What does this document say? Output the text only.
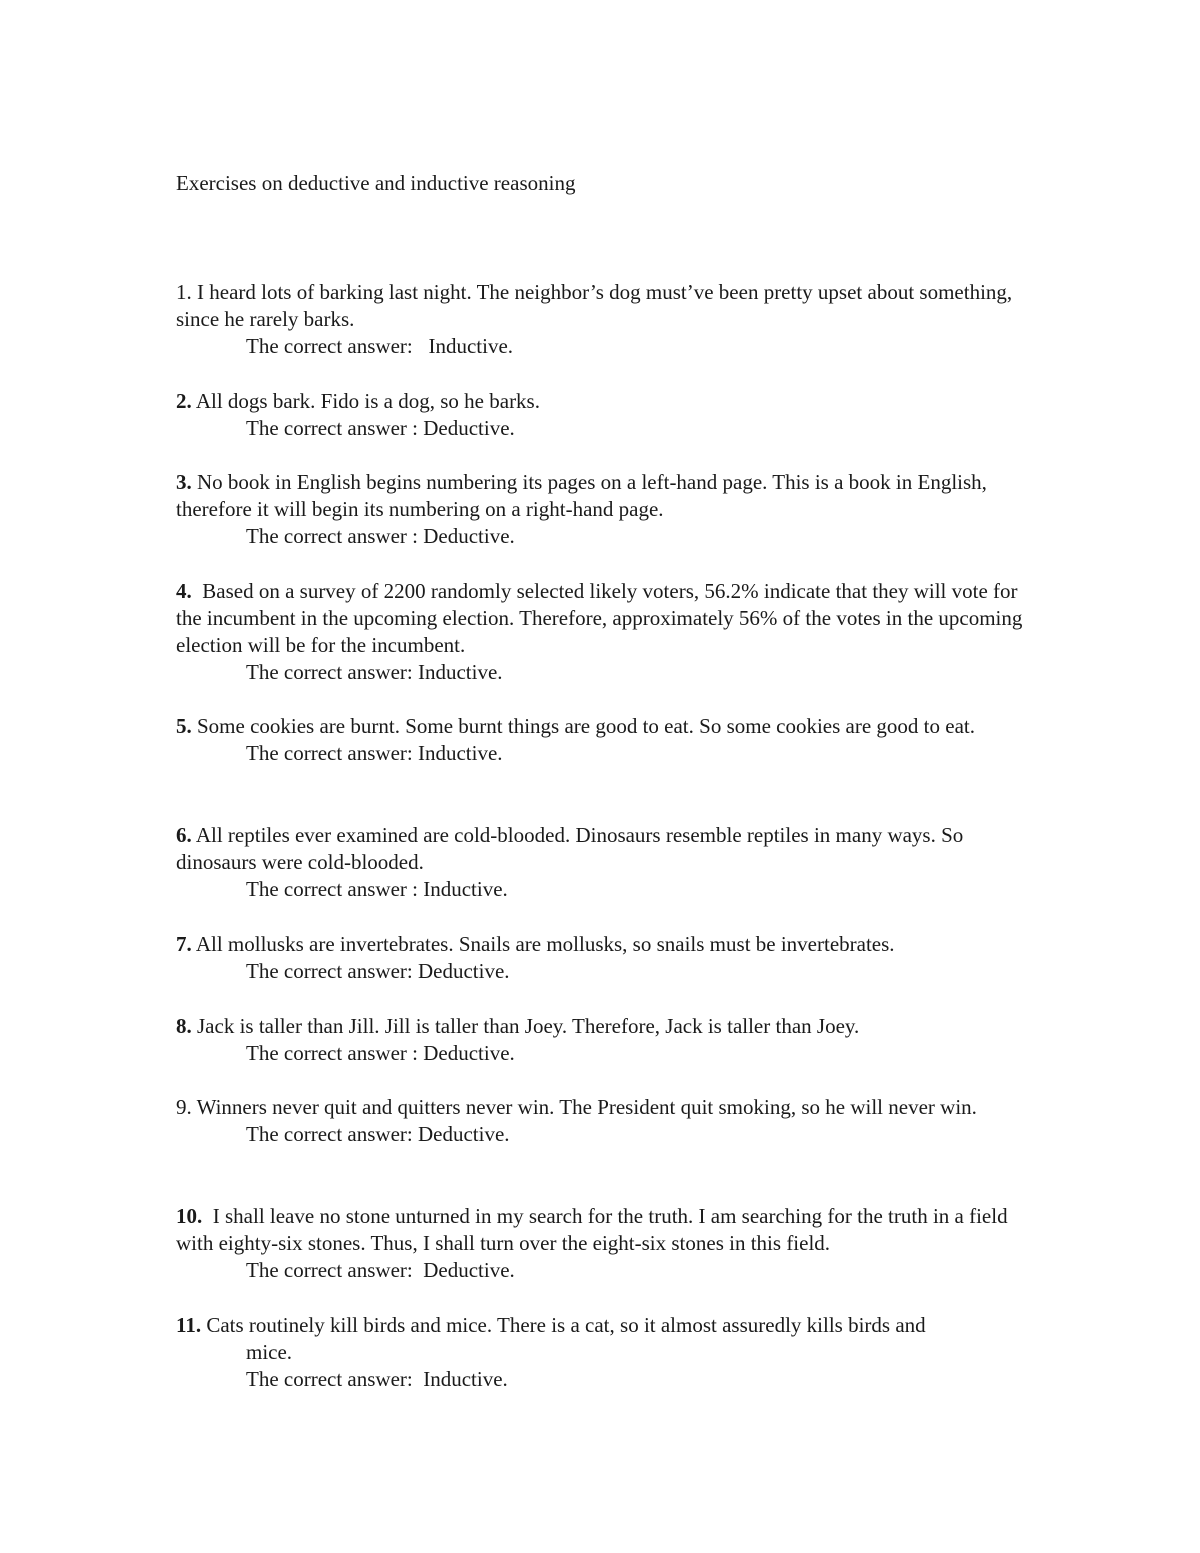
Exercises on deductive and inductive reasoning

1. I heard lots of barking last night. The neighbor’s dog must’ve been pretty upset about something, since he rarely barks.

The correct answer:   Inductive.

2. All dogs bark. Fido is a dog, so he barks.

The correct answer : Deductive.

3. No book in English begins numbering its pages on a left-hand page. This is a book in English, therefore it will begin its numbering on a right-hand page.

The correct answer : Deductive.

4.  Based on a survey of 2200 randomly selected likely voters, 56.2% indicate that they will vote for the incumbent in the upcoming election. Therefore, approximately 56% of the votes in the upcoming election will be for the incumbent.

The correct answer: Inductive.

5. Some cookies are burnt. Some burnt things are good to eat. So some cookies are good to eat.

The correct answer: Inductive.

6. All reptiles ever examined are cold-blooded. Dinosaurs resemble reptiles in many ways. So dinosaurs were cold-blooded.

The correct answer : Inductive.

7. All mollusks are invertebrates. Snails are mollusks, so snails must be invertebrates.

The correct answer: Deductive.

8. Jack is taller than Jill. Jill is taller than Joey. Therefore, Jack is taller than Joey.

The correct answer : Deductive.

9. Winners never quit and quitters never win. The President quit smoking, so he will never win.

The correct answer: Deductive.

10.  I shall leave no stone unturned in my search for the truth. I am searching for the truth in a field with eighty-six stones. Thus, I shall turn over the eight-six stones in this field.

The correct answer:  Deductive.

11. Cats routinely kill birds and mice. There is a cat, so it almost assuredly kills birds and
mice.

The correct answer:  Inductive.
